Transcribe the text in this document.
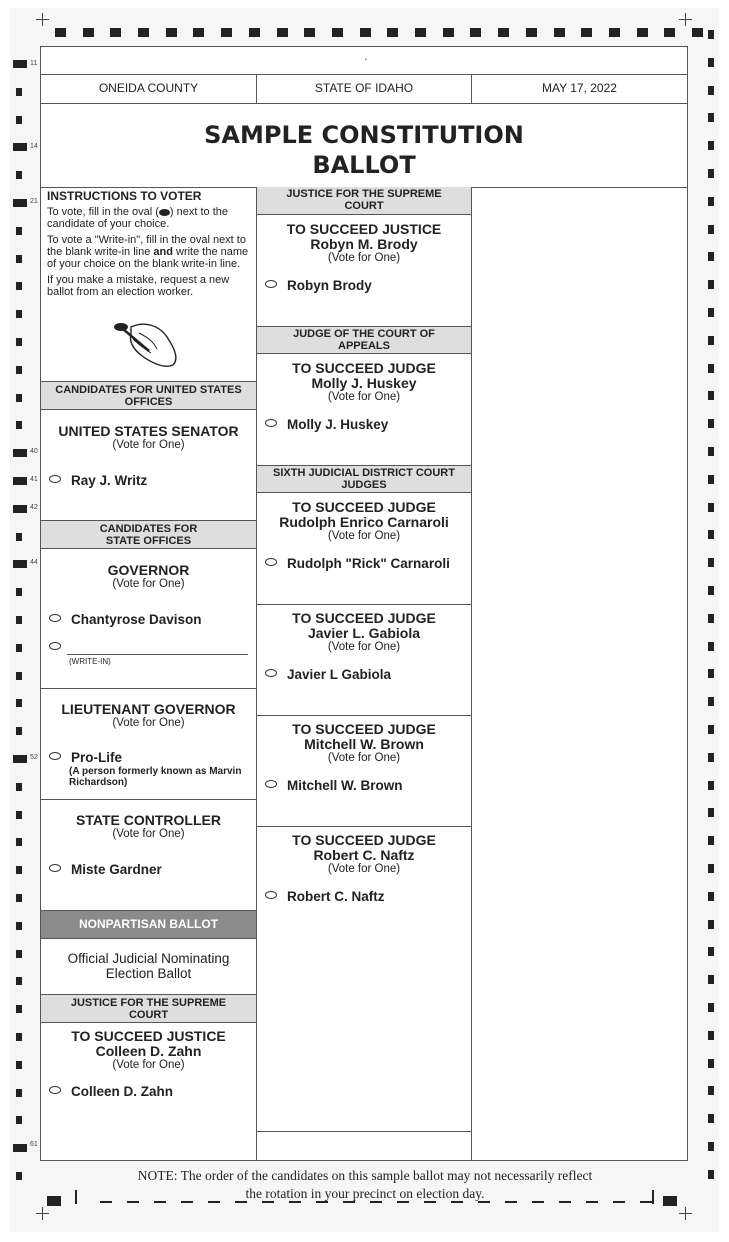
11
14
21
40
41
42
44
52
61
'
ONEIDA COUNTY	STATE OF IDAHO	MAY 17, 2022
SAMPLE CONSTITUTION
BALLOT
INSTRUCTIONS TO VOTER

To vote, fill in the oval ( ) next to the candidate of your choice.

To vote a "Write-in", fill in the oval next to the blank write-in line and write the name of your choice on the blank write-in line.

If you make a mistake, request a new ballot from an election worker.

CANDIDATES FOR UNITED STATES OFFICES
UNITED STATES SENATOR
(Vote for One)
Ray J. Writz
CANDIDATES FOR
STATE OFFICES
GOVERNOR
(Vote for One)
Chantyrose Davison
(WRITE-IN)
LIEUTENANT GOVERNOR
(Vote for One)
Pro-Life
(A person formerly known as Marvin
Richardson)
STATE CONTROLLER
(Vote for One)
Miste Gardner
NONPARTISAN BALLOT
Official Judicial Nominating
Election Ballot
JUSTICE FOR THE SUPREME
COURT
TO SUCCEED JUSTICE
Colleen D. Zahn
(Vote for One)
Colleen D. Zahn
JUSTICE FOR THE SUPREME
COURT
TO SUCCEED JUSTICE
Robyn M. Brody
(Vote for One)
Robyn Brody
JUDGE OF THE COURT OF
APPEALS
TO SUCCEED JUDGE
Molly J. Huskey
(Vote for One)
Molly J. Huskey
SIXTH JUDICIAL DISTRICT COURT
JUDGES
TO SUCCEED JUDGE
Rudolph Enrico Carnaroli
(Vote for One)
Rudolph "Rick" Carnaroli
TO SUCCEED JUDGE
Javier L. Gabiola
(Vote for One)
Javier L Gabiola
TO SUCCEED JUDGE
Mitchell W. Brown
(Vote for One)
Mitchell W. Brown
TO SUCCEED JUDGE
Robert C. Naftz
(Vote for One)
Robert C. Naftz
NOTE: The order of the candidates on this sample ballot may not necessarily reflect
the rotation in your precinct on election day.
